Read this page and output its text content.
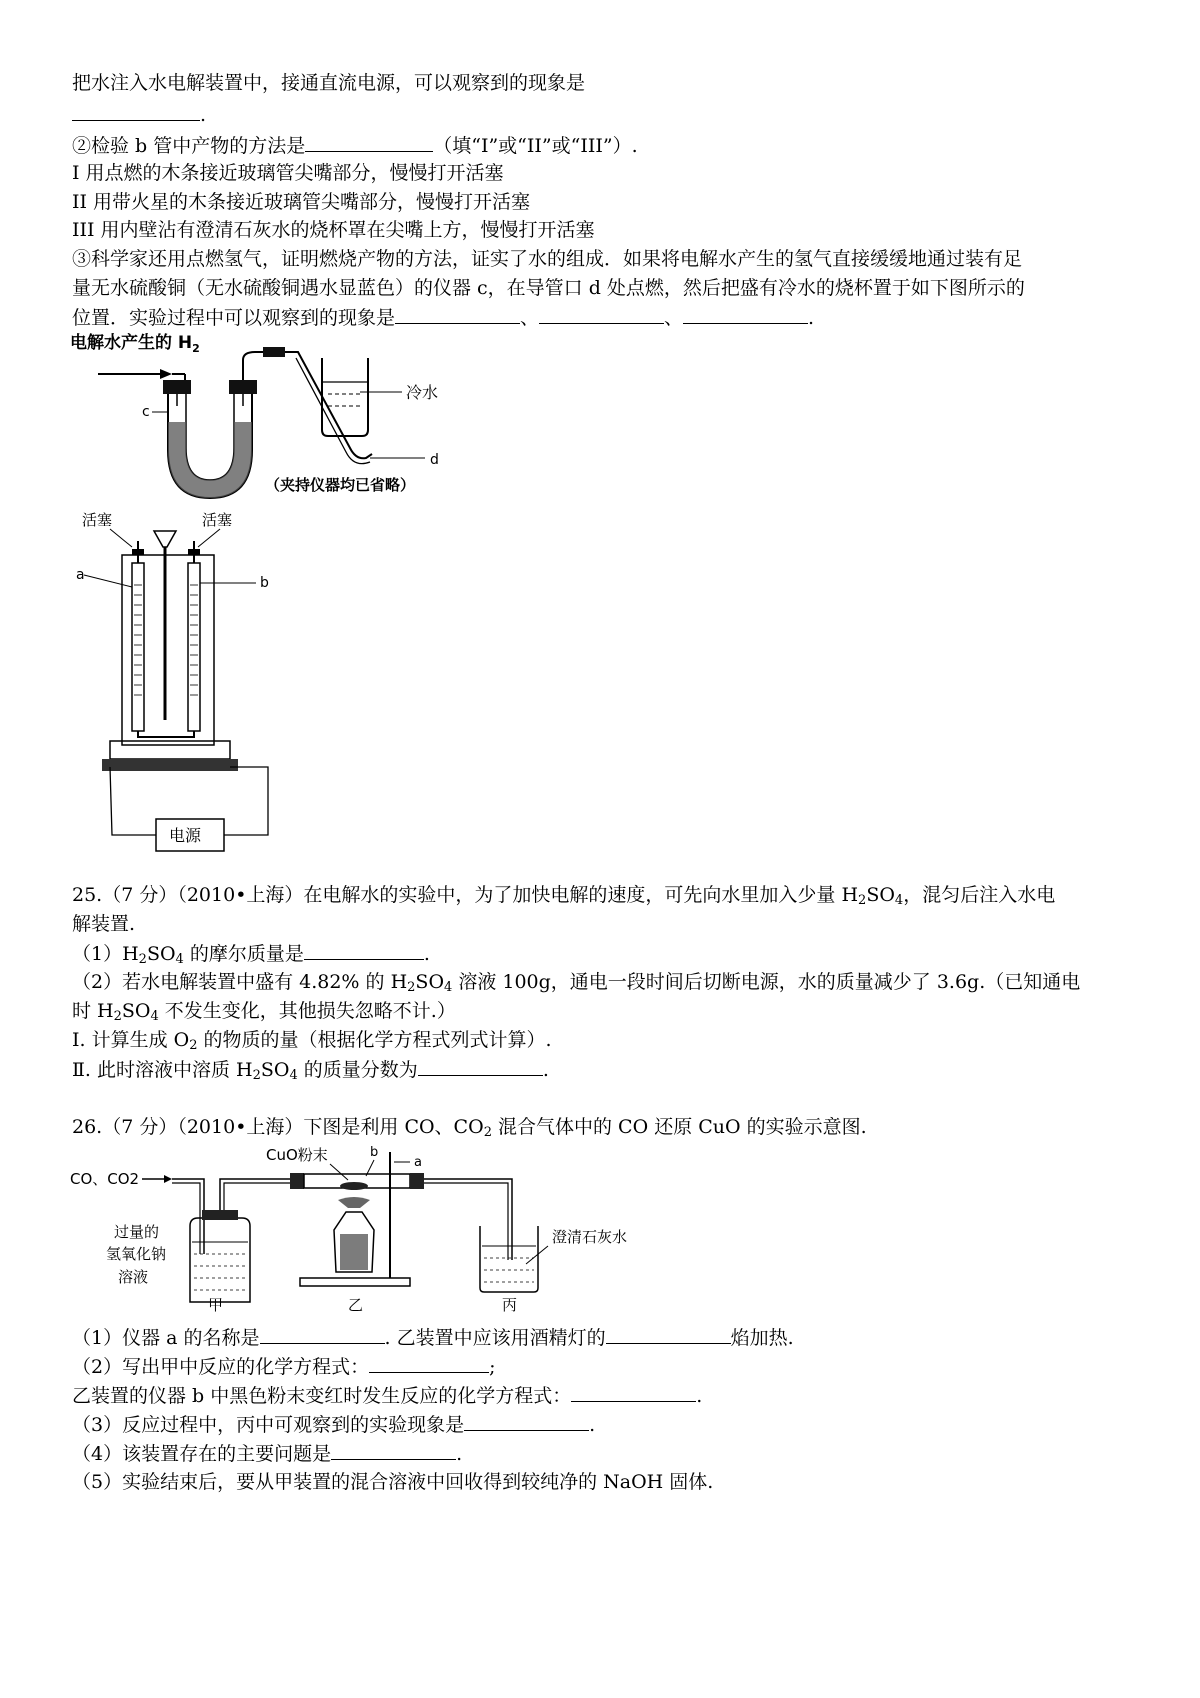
把水注入水电解装置中，接通直流电源，可以观察到的现象是
.
②检验 b 管中产物的方法是	（填“I”或“II”或“III”）.
I 用点燃的木条接近玻璃管尖嘴部分，慢慢打开活塞
II 用带火星的木条接近玻璃管尖嘴部分，慢慢打开活塞
III 用内壁沾有澄清石灰水的烧杯罩在尖嘴上方，慢慢打开活塞
③科学家还用点燃氢气，证明燃烧产物的方法，证实了水的组成．如果将电解水产生的氢气直接缓缓地通过装有足
量无水硫酸铜（无水硫酸铜遇水显蓝色）的仪器 c，在导管口 d 处点燃，然后把盛有冷水的烧杯置于如下图所示的
位置．实验过程中可以观察到的现象是	、	、	.
电解水产生的 $H_2$
c
冷水
d
（夹持仪器均已省略）
活塞	活塞
a	b
电源
25.（7 分）（2010•上海）在电解水的实验中，为了加快电解的速度，可先向水里加入少量 $H_2SO_4$，混匀后注入水电
解装置.
$(1)H_2SO_4$ 的摩尔质量是	.
（2）若水电解装置中盛有 4.82% 的 $H_2SO_4$ 溶液 100g，通电一段时间后切断电源，水的质量减少了 3.6g.（已知通电
时 $H_2SO_4$ 不发生变化，其他损失忽略不计.）
Ⅰ. 计算生成 $O_2$ 的物质的量（根据化学方程式列式计算）.
Ⅱ. 此时溶液中溶质 $H_2SO_4$ 的质量分数为	.
26.（7 分）（2010•上海）下图是利用 CO、$CO_2$ 混合气体中的 CO 还原 CuO 的实验示意图.
CO、CO2
过量的
氢氧化钠
溶液
甲
CuO粉末	b
a
乙
澄清石灰水
丙
（1）仪器 a 的名称是	. 乙装置中应该用酒精灯的	焰加热.
（2）写出甲中反应的化学方程式：	;
乙装置的仪器 b 中黑色粉末变红时发生反应的化学方程式：	.
（3）反应过程中，丙中可观察到的实验现象是	.
（4）该装置存在的主要问题是	.
（5）实验结束后，要从甲装置的混合溶液中回收得到较纯净的 NaOH 固体.
